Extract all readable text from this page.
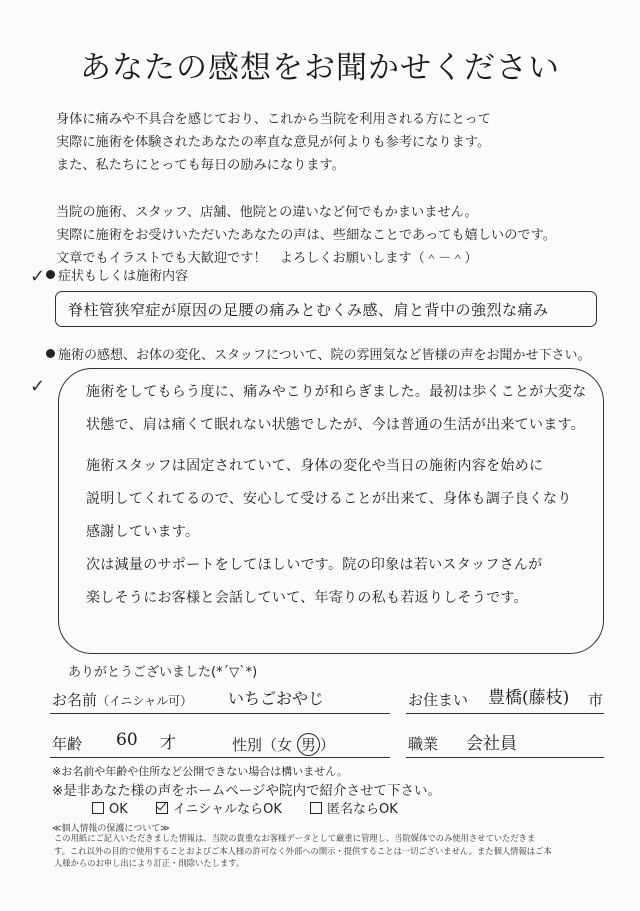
あなたの感想をお聞かせください

身体に痛みや不具合を感じており、これから当院を利用される方にとって

実際に施術を体験されたあなたの率直な意見が何よりも参考になります。

また、私たちにとっても毎日の励みになります。

当院の施術、スタッフ、店舗、他院との違いなど何でもかまいません。

実際に施術をお受けいただいたあなたの声は、些細なことであっても嬉しいのです。

文章でもイラストでも大歓迎です！　よろしくお願いします（＾－＾）

✓ 症状もしくは施術内容
脊柱管狭窄症が原因の足腰の痛みとむくみ感、肩と背中の強烈な痛み
施術の感想、お体の変化、スタッフについて、院の雰囲気など皆様の声をお聞かせ下さい。
✓	施術をしてもらう度に、痛みやこりが和らぎました。最初は歩くことが大変な

状態で、肩は痛くて眠れない状態でしたが、今は普通の生活が出来ています。

施術スタッフは固定されていて、身体の変化や当日の施術内容を始めに

説明してくれてるので、安心して受けることが出来て、身体も調子良くなり

感謝しています。

次は減量のサポートをしてほしいです。院の印象は若いスタッフさんが

楽しそうにお客様と会話していて、年寄りの私も若返りしそうです。

ありがとうございました(*´▽`*)
お名前（イニシャル可） いちごおやじ	お住まい 豊橋(藤枝) 市
年齢 60 才	性別（女 男 ）	職業 会社員
※お名前や年齢や住所など公開できない場合は構いません。
※是非あなた様の声をホームページや院内で紹介させて下さい。
OK	イニシャルならOK	匿名ならOK
≪個人情報の保護について≫

この用紙にご記入いただきました情報は、当院の貴重なお客様データとして厳重に管理し、当院媒体でのみ使用させていただきま

す。これ以外の目的で使用することおよびご本人様の許可なく外部への開示・提供することは一切ございません。また個人情報はご本

人様からのお申し出により訂正・削除いたします。
